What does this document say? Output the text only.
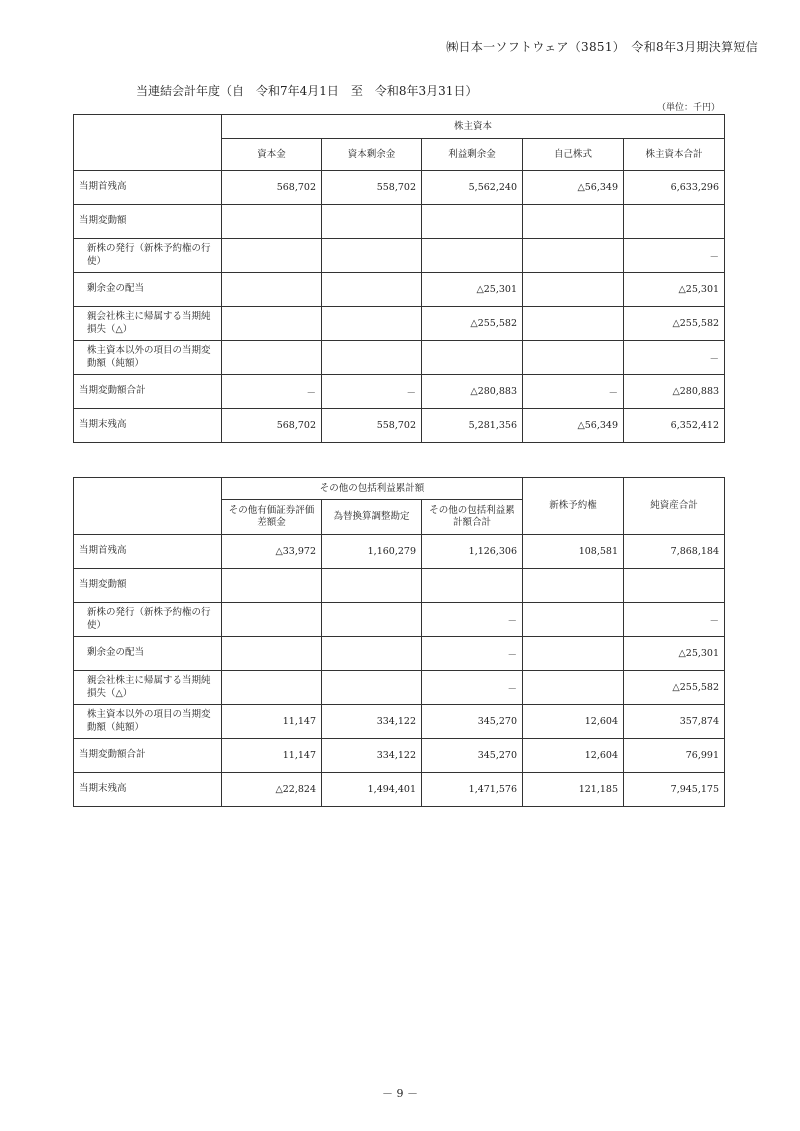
㈱日本一ソフトウェア（3851）　 令和8年3月期決算短信
当連結会計年度（自　令和7年4月1日　至　令和8年3月31日）
（単位：千円）
	株主資本				
	資本金	資本剰余金	利益剰余金	自己株式	株主資本合計
当期首残高	568,702	558,702	5,562,240	△56,349	6,633,296
当期変動額					
新株の発行（新株予約権の行使）					－
剰余金の配当			△25,301		△25,301
親会社株主に帰属する当期純損失（△）			△255,582		△255,582
株主資本以外の項目の当期変動額（純額）					－
当期変動額合計	－	－	△280,883	－	△280,883
当期末残高	568,702	558,702	5,281,356	△56,349	6,352,412
	その他の包括利益累計額			新株予約権	純資産合計
	その他有価証券評価差額金	為替換算調整勘定	その他の包括利益累計額合計		
当期首残高	△33,972	1,160,279	1,126,306	108,581	7,868,184
当期変動額					
新株の発行（新株予約権の行使）			－		－
剰余金の配当			－		△25,301
親会社株主に帰属する当期純損失（△）			－		△255,582
株主資本以外の項目の当期変動額（純額）	11,147	334,122	345,270	12,604	357,874
当期変動額合計	11,147	334,122	345,270	12,604	76,991
当期末残高	△22,824	1,494,401	1,471,576	121,185	7,945,175
－ 9 －
